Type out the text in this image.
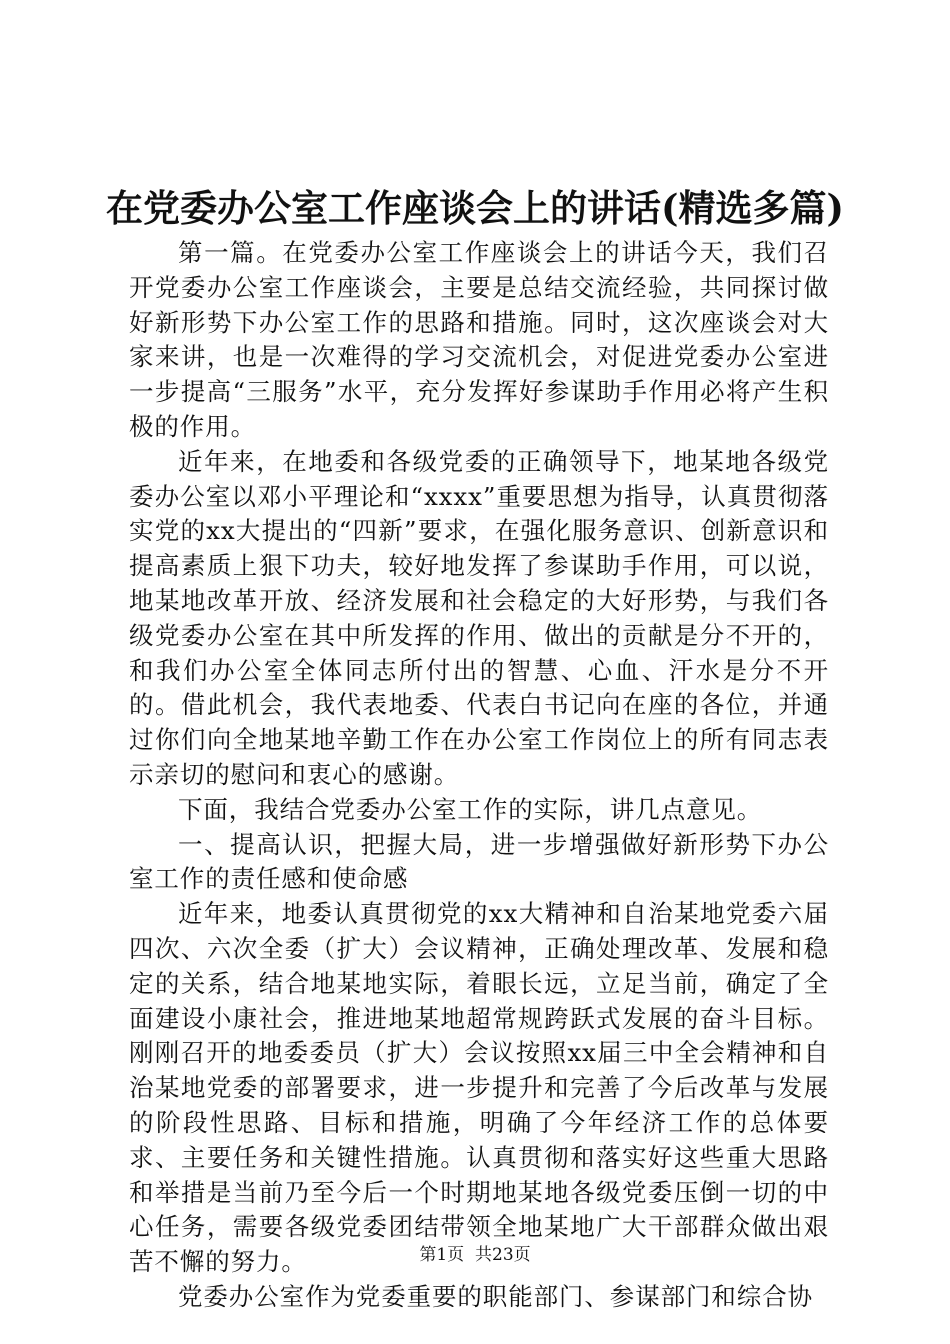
在党委办公室工作座谈会上的讲话(精选多篇)

第一篇。在党委办公室工作座谈会上的讲话今天，我们召开党委办公室工作座谈会，主要是总结交流经验，共同探讨做好新形势下办公室工作的思路和措施。同时，这次座谈会对大家来讲，也是一次难得的学习交流机会，对促进党委办公室进一步提高“三服务”水平，充分发挥好参谋助手作用必将产生积极的作用。

近年来，在地委和各级党委的正确领导下，地某地各级党委办公室以邓小平理论和“xxxx”重要思想为指导，认真贯彻落实党的xx大提出的“四新”要求，在强化服务意识、创新意识和提高素质上狠下功夫，较好地发挥了参谋助手作用，可以说，地某地改革开放、经济发展和社会稳定的大好形势，与我们各级党委办公室在其中所发挥的作用、做出的贡献是分不开的，和我们办公室全体同志所付出的智慧、心血、汗水是分不开的。借此机会，我代表地委、代表白书记向在座的各位，并通过你们向全地某地辛勤工作在办公室工作岗位上的所有同志表示亲切的慰问和衷心的感谢。

下面，我结合党委办公室工作的实际，讲几点意见。

一、提高认识，把握大局，进一步增强做好新形势下办公室工作的责任感和使命感

近年来，地委认真贯彻党的xx大精神和自治某地党委六届四次、六次全委（扩大）会议精神，正确处理改革、发展和稳定的关系，结合地某地实际，着眼长远，立足当前，确定了全面建设小康社会，推进地某地超常规跨跃式发展的奋斗目标。刚刚召开的地委委员（扩大）会议按照xx届三中全会精神和自治某地党委的部署要求，进一步提升和完善了今后改革与发展的阶段性思路、目标和措施，明确了今年经济工作的总体要求、主要任务和关键性措施。认真贯彻和落实好这些重大思路和举措是当前乃至今后一个时期地某地各级党委压倒一切的中心任务，需要各级党委团结带领全地某地广大干部群众做出艰苦不懈的努力。

党委办公室作为党委重要的职能部门、参谋部门和综合协

第1页 共23页
